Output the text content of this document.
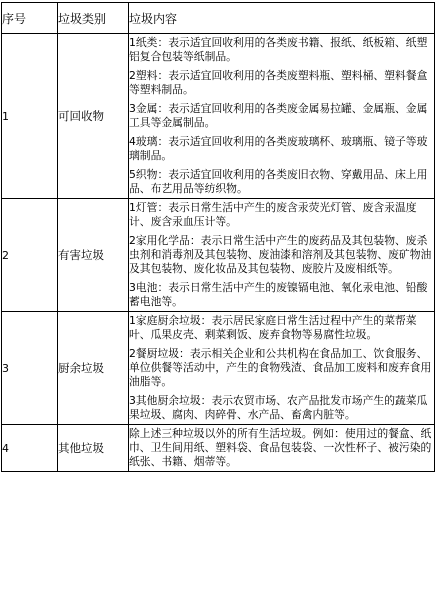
序号	垃圾类别	垃圾内容
1	可回收物	1纸类：表示适宜回收利用的各类废书籍、报纸、纸板箱、纸塑铝复合包装等纸制品。

2塑料：表示适宜回收利用的各类废塑料瓶、塑料桶、塑料餐盒等塑料制品。

3金属：表示适宜回收利用的各类废金属易拉罐、金属瓶、金属工具等金属制品。

4玻璃：表示适宜回收利用的各类废玻璃杯、玻璃瓶、镜子等玻璃制品。

5织物：表示适宜回收利用的各类废旧衣物、穿戴用品、床上用品、布艺用品等纺织物。

2	有害垃圾	1灯管：表示日常生活中产生的废含汞荧光灯管、废含汞温度计、废含汞血压计等。

2家用化学品：表示日常生活中产生的废药品及其包装物、废杀虫剂和消毒剂及其包装物、废油漆和溶剂及其包装物、废矿物油及其包装物、废化妆品及其包装物、废胶片及废相纸等。

3电池：表示日常生活中产生的废镍镉电池、氧化汞电池、铅酸蓄电池等。

3	厨余垃圾	1家庭厨余垃圾：表示居民家庭日常生活过程中产生的菜帮菜叶、瓜果皮壳、剩菜剩饭、废弃食物等易腐性垃圾。

2餐厨垃圾：表示相关企业和公共机构在食品加工、饮食服务、单位供餐等活动中，产生的食物残渣、食品加工废料和废弃食用油脂等。

3其他厨余垃圾：表示农贸市场、农产品批发市场产生的蔬菜瓜果垃圾、腐肉、肉碎骨、水产品、畜禽内脏等。

4	其他垃圾	除上述三种垃圾以外的所有生活垃圾。例如：使用过的餐盒、纸巾、卫生间用纸、塑料袋、食品包装袋、一次性杯子、被污染的纸张、书籍、烟蒂等。
